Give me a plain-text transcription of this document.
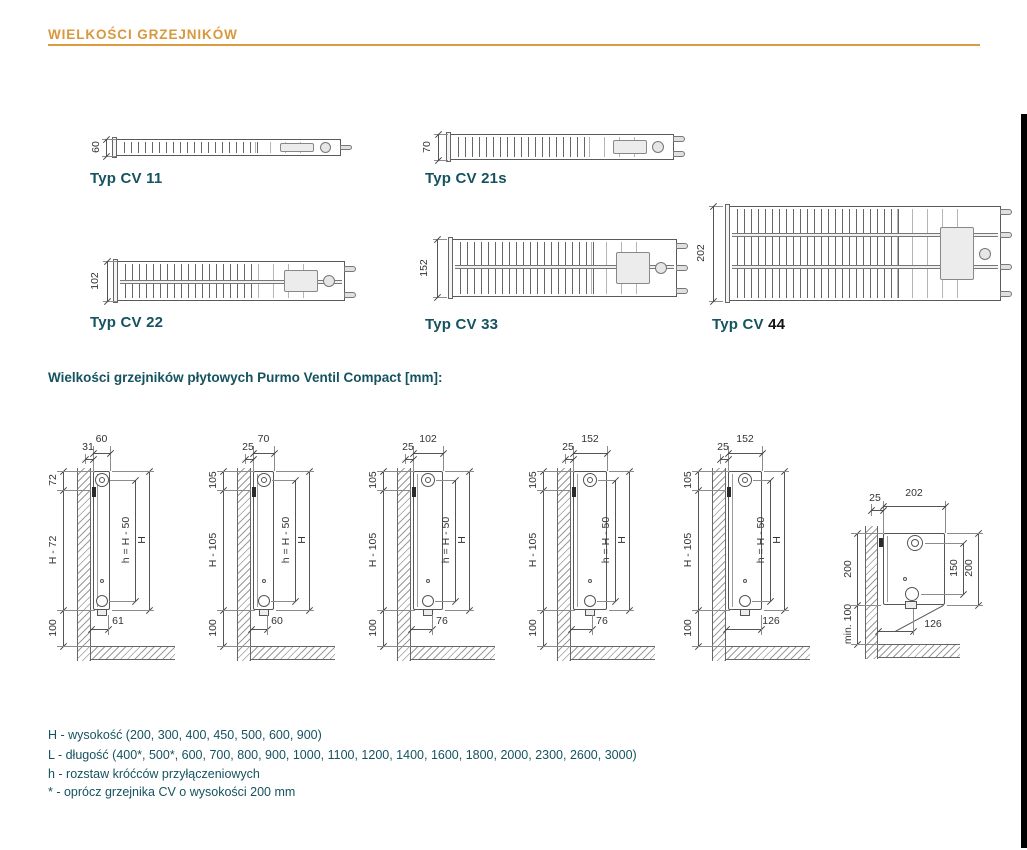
WIELKOŚCI GRZEJNIKÓW
Typ CV 11	Typ CV 21s
Typ CV 22	Typ CV 33	Typ CV 44
Wielkości grzejników płytowych Purmo Ventil Compact [mm]:
60
31
72
H - 72
100
h = H - 50 H
61
70
25
105
H - 105
100
h = H - 50 H
60
102
25
105
H - 105
100
h = H - 50 H
76
152
25
105
H - 105
100
h = H - 50 H
76
152
25
105
H - 105
100
h = H - 50 H
126
202
25
200
min. 100
150 200
126
H - wysokość (200, 300, 400, 450, 500, 600, 900)
L - długość (400*, 500*, 600, 700, 800, 900, 1000, 1100, 1200, 1400, 1600, 1800, 2000, 2300, 2600, 3000)
h - rozstaw króćców przyłączeniowych
* - oprócz grzejnika CV o wysokości 200 mm
60	70
102
152
202
